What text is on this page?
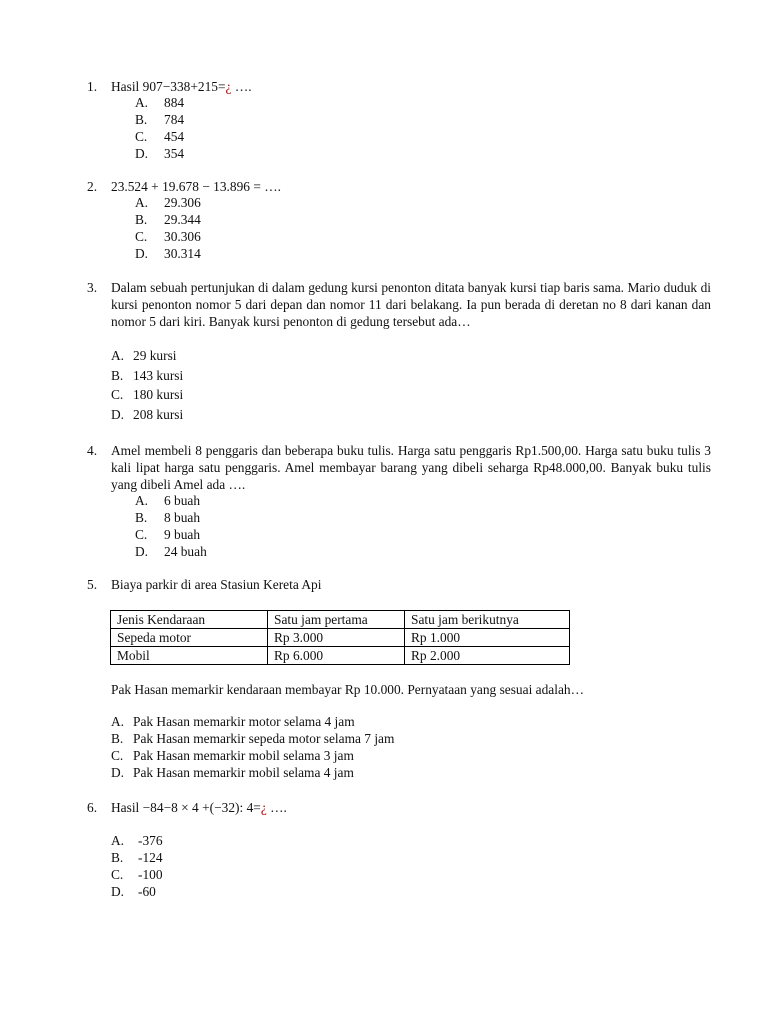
1. Hasil 907−338+215=¿ ….
A. 884
B. 784
C. 454
D. 354
2. 23.524 + 19.678 − 13.896 = ….
A. 29.306
B. 29.344
C. 30.306
D. 30.314
3. Dalam sebuah pertunjukan di dalam gedung kursi penonton ditata banyak kursi tiap baris sama. Mario duduk di kursi penonton nomor 5 dari depan dan nomor 11 dari belakang. Ia pun berada di deretan no 8 dari kanan dan nomor 5 dari kiri. Banyak kursi penonton di gedung tersebut ada…
A. 29 kursi
B. 143 kursi
C. 180 kursi
D. 208 kursi
4. Amel membeli 8 penggaris dan beberapa buku tulis. Harga satu penggaris Rp1.500,00. Harga satu buku tulis 3 kali lipat harga satu penggaris. Amel membayar barang yang dibeli seharga Rp48.000,00. Banyak buku tulis yang dibeli Amel ada ….
A. 6 buah
B. 8 buah
C. 9 buah
D. 24 buah
5. Biaya parkir di area Stasiun Kereta Api
Jenis Kendaraan	Satu jam pertama	Satu jam berikutnya
Sepeda motor	Rp 3.000	Rp 1.000
Mobil	Rp 6.000	Rp 2.000
Pak Hasan memarkir kendaraan membayar Rp 10.000. Pernyataan yang sesuai adalah…
A. Pak Hasan memarkir motor selama 4 jam
B. Pak Hasan memarkir sepeda motor selama 7 jam
C. Pak Hasan memarkir mobil selama 3 jam
D. Pak Hasan memarkir mobil selama 4 jam
6. Hasil −84−8 × 4 +(−32): 4=¿ ….
A. -376
B. -124
C. -100
D. -60
